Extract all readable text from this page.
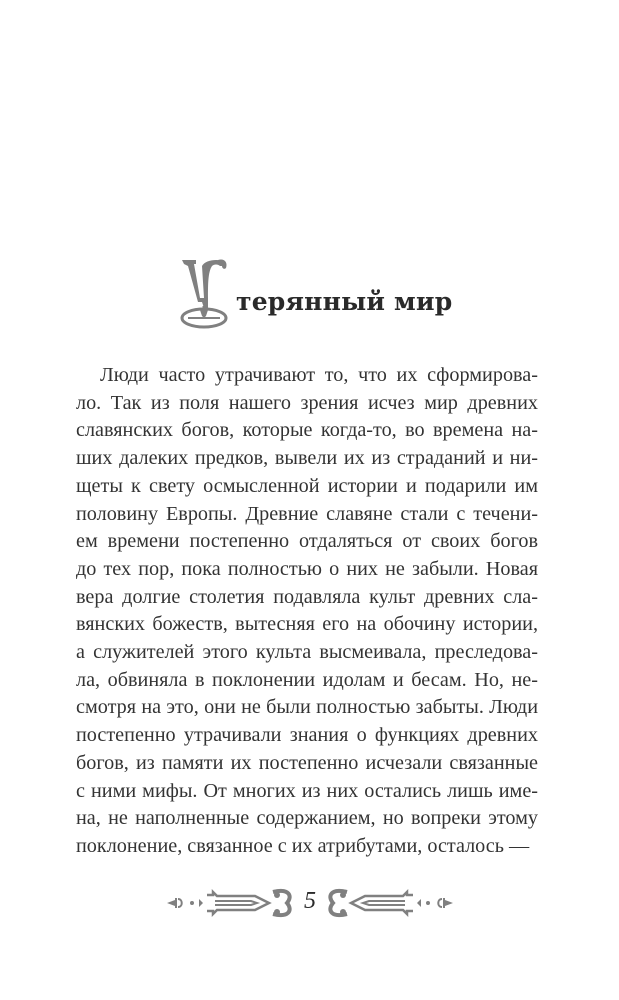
терянный мир
Люди часто утрачивают то, что их сформирова-
ло. Так из поля нашего зрения исчез мир древних
славянских богов, которые когда-то, во времена на-
ших далеких предков, вывели их из страданий и ни-
щеты к свету осмысленной истории и подарили им
половину Европы. Древние славяне стали с течени-
ем времени постепенно отдаляться от своих богов
до тех пор, пока полностью о них не забыли. Новая
вера долгие столетия подавляла культ древних сла-
вянских божеств, вытесняя его на обочину истории,
а служителей этого культа высмеивала, преследова-
ла, обвиняла в поклонении идолам и бесам. Но, не-
смотря на это, они не были полностью забыты. Люди
постепенно утрачивали знания о функциях древних
богов, из памяти их постепенно исчезали связанные
с ними мифы. От многих из них остались лишь име-
на, не наполненные содержанием, но вопреки этому
поклонение, связанное с их атрибутами, осталось —
5
